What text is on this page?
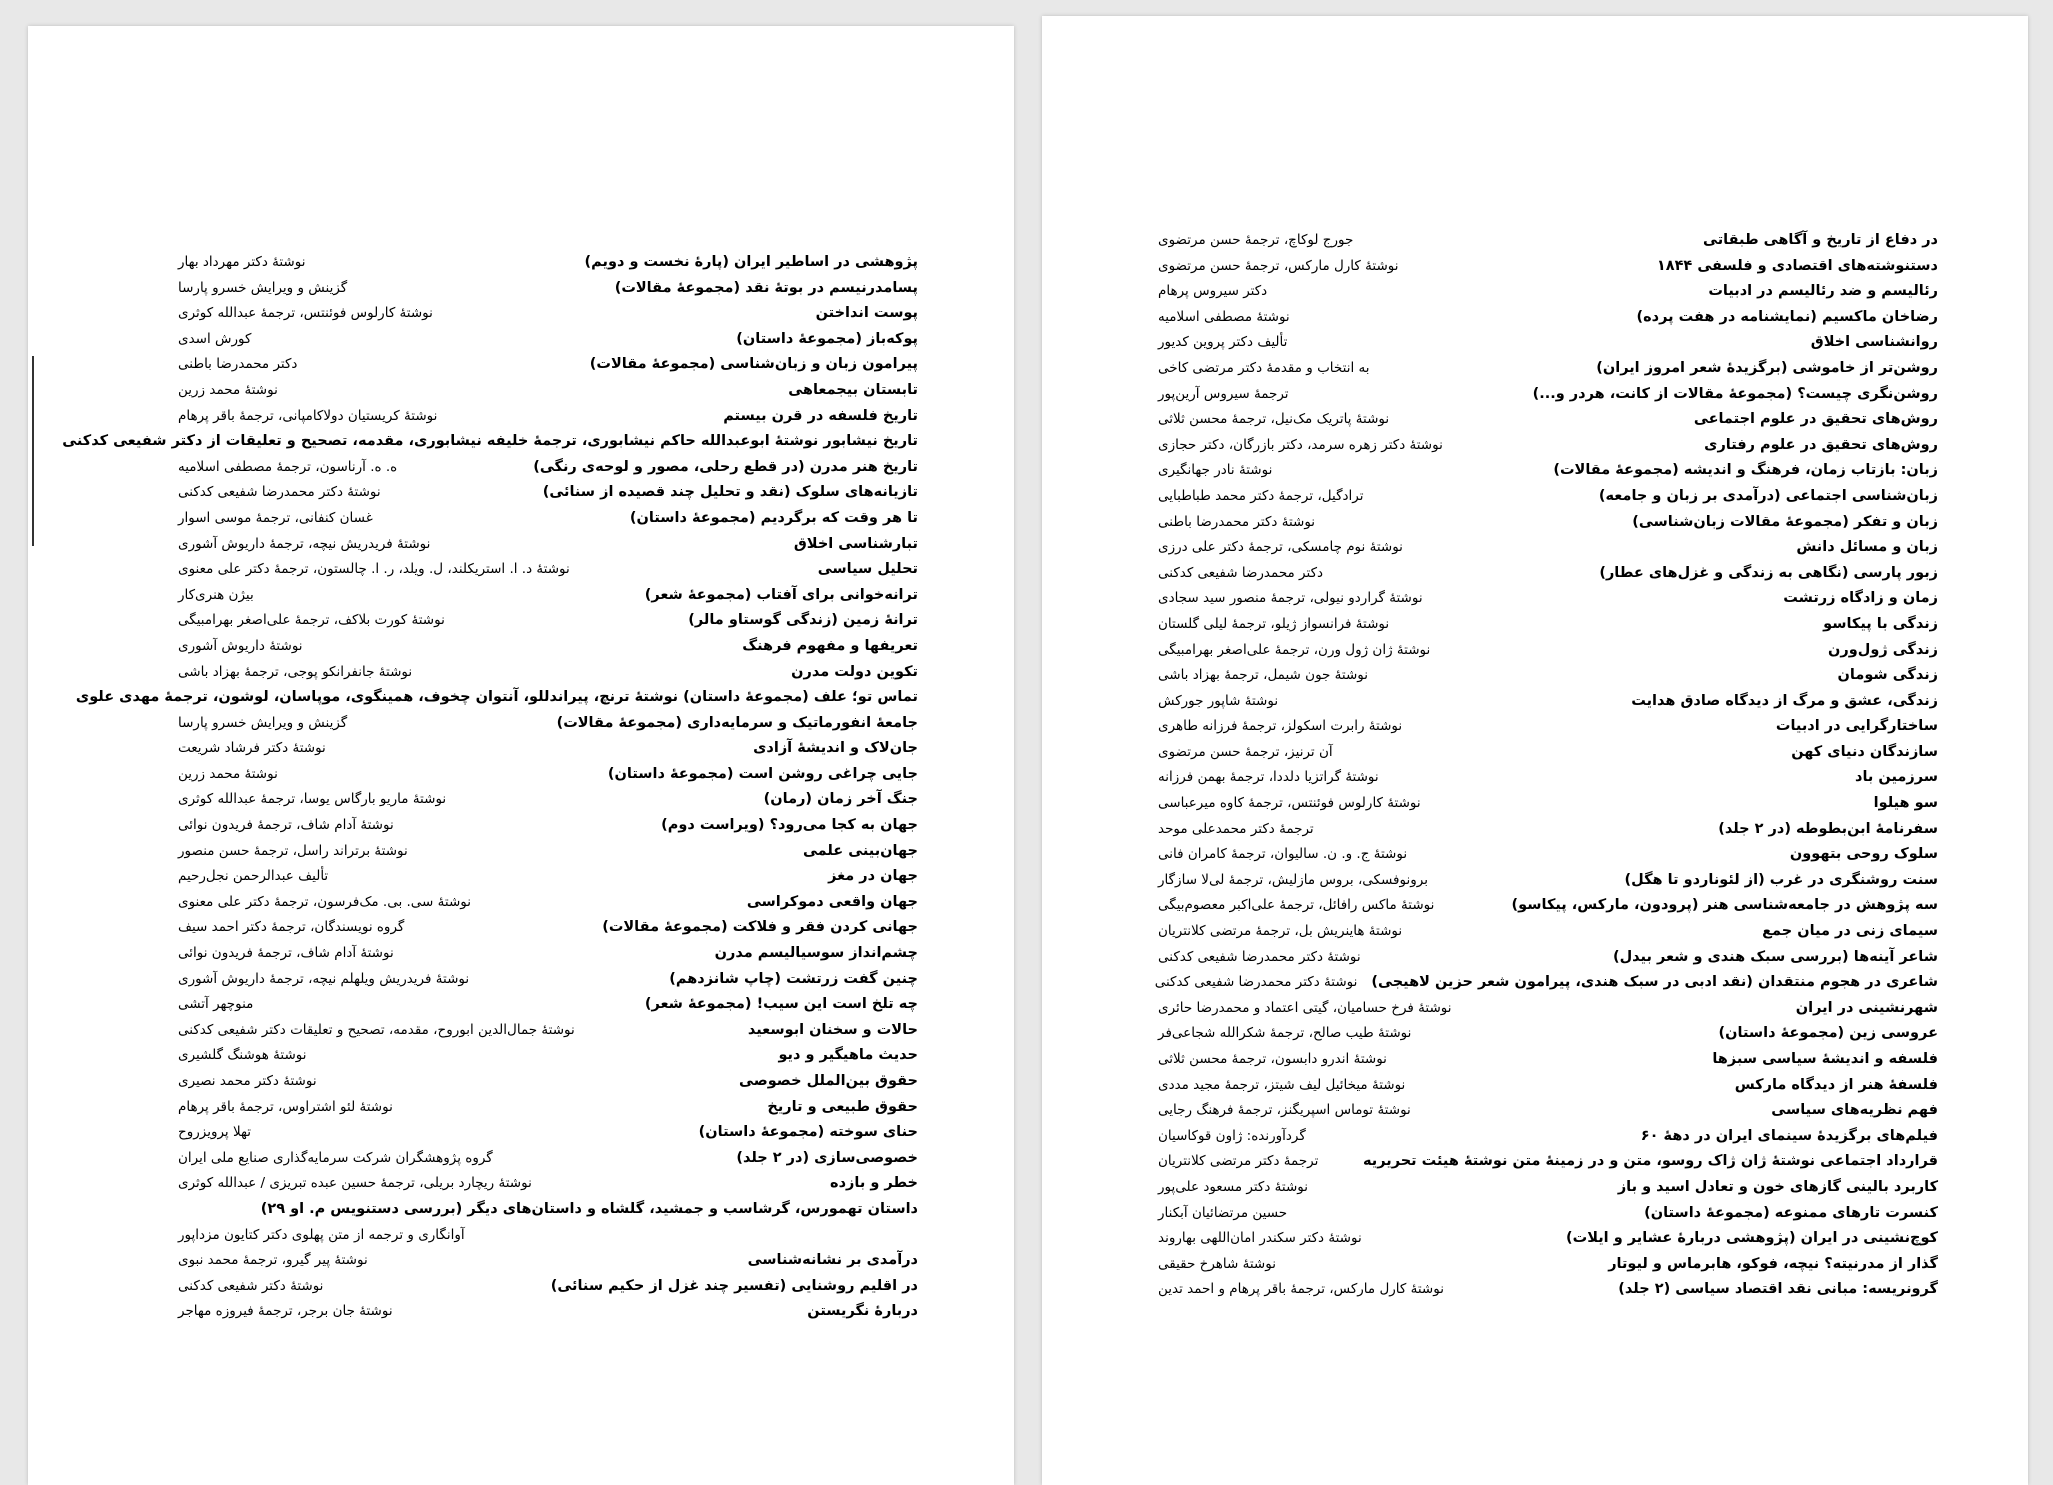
پژوهشی در اساطیر ایران (پارهٔ نخست و دویم)
نوشتهٔ دکتر مهرداد بهار
پسامدرنیسم در بوتهٔ نقد (مجموعهٔ مقالات)
گزینش و ویرایش خسرو پارسا
پوست انداختن
نوشتهٔ کارلوس فوئنتس، ترجمهٔ عبدالله کوثری
پوکه‌باز (مجموعهٔ داستان)
کورش اسدی
پیرامون زبان و زبان‌شناسی (مجموعهٔ مقالات)
دکتر محمدرضا باطنی
تابستان بیجمعاهی
نوشتهٔ محمد زرین
تاریخ فلسفه در قرن بیستم
نوشتهٔ کریستیان دولاکامپانی، ترجمهٔ باقر پرهام
تاریخ نیشابور نوشتهٔ ابوعبدالله حاکم نیشابوری، ترجمهٔ خلیفه نیشابوری، مقدمه، تصحیح و تعلیقات از دکتر شفیعی کدکنی
تاریخ هنر مدرن (در قطع رحلی، مصور و لوحه‌ی رنگی)
ه. ه. آرناسون، ترجمهٔ مصطفی اسلامیه
تازیانه‌های سلوک (نقد و تحلیل چند قصیده از سنائی)
نوشتهٔ دکتر محمدرضا شفیعی کدکنی
تا هر وقت که برگردیم (مجموعهٔ داستان)
غسان کنفانی، ترجمهٔ موسی اسوار
تبارشناسی اخلاق
نوشتهٔ فریدریش نیچه، ترجمهٔ داریوش آشوری
تحلیل سیاسی
نوشتهٔ د. ا. استریکلند، ل. ویلد، ر. ا. چالستون، ترجمهٔ دکتر علی معنوی
ترانه‌خوانی برای آفتاب (مجموعهٔ شعر)
بیژن هنری‌کار
ترانهٔ زمین (زندگی گوستاو مالر)
نوشتهٔ کورت بلاکف، ترجمهٔ علی‌اصغر بهرامبیگی
تعریفها و مفهوم فرهنگ
نوشتهٔ داریوش آشوری
تکوین دولت مدرن
نوشتهٔ جانفرانکو پوجی، ترجمهٔ بهزاد باشی
تماس تو؛ علف (مجموعهٔ داستان) نوشتهٔ ترنچ، پیراندللو، آنتوان چخوف، همینگوی، موپاسان، لوشون، ترجمهٔ مهدی علوی
جامعهٔ انفورماتیک و سرمایه‌داری (مجموعهٔ مقالات)
گزینش و ویرایش خسرو پارسا
جان‌لاک و اندیشهٔ آزادی
نوشتهٔ دکتر فرشاد شریعت
جایی چراغی روشن است (مجموعهٔ داستان)
نوشتهٔ محمد زرین
جنگ آخر زمان (رمان)
نوشتهٔ ماریو بارگاس یوسا، ترجمهٔ عبدالله کوثری
جهان به کجا می‌رود؟ (ویراست دوم)
نوشتهٔ آدام شاف، ترجمهٔ فریدون نوائی
جهان‌بینی علمی
نوشتهٔ برتراند راسل، ترجمهٔ حسن منصور
جهان در مغز
تألیف عبدالرحمن نجل‌رحیم
جهان واقعی دموکراسی
نوشتهٔ سی. بی. مک‌فرسون، ترجمهٔ دکتر علی معنوی
جهانی کردن فقر و فلاکت (مجموعهٔ مقالات)
گروه نویسندگان، ترجمهٔ دکتر احمد سیف
چشم‌انداز سوسیالیسم مدرن
نوشتهٔ آدام شاف، ترجمهٔ فریدون نوائی
چنین گفت زرتشت (چاپ شانزدهم)
نوشتهٔ فریدریش ویلهلم نیچه، ترجمهٔ داریوش آشوری
چه تلخ است این سیب! (مجموعهٔ شعر)
منوچهر آتشی
حالات و سخنان ابوسعید
نوشتهٔ جمال‌الدین ابوروح، مقدمه، تصحیح و تعلیقات دکتر شفیعی کدکنی
حدیث ماهیگیر و دیو
نوشتهٔ هوشنگ گلشیری
حقوق بین‌الملل خصوصی
نوشتهٔ دکتر محمد نصیری
حقوق طبیعی و تاریخ
نوشتهٔ لئو اشتراوس، ترجمهٔ باقر پرهام
حنای سوخته (مجموعهٔ داستان)
تهلا پرویزروح
خصوصی‌سازی (در ۲ جلد)
گروه پژوهشگران شرکت سرمایه‌گذاری صنایع ملی ایران
خطر و بازده
نوشتهٔ ریچارد بریلی، ترجمهٔ حسین عبده تبریزی / عبدالله کوثری
داستان تهمورس، گرشاسب و جمشید، گلشاه و داستان‌های دیگر (بررسی دستنویس م. او ۲۹)
آوانگاری و ترجمه از متن پهلوی دکتر کتایون مزداپور
درآمدی بر نشانه‌شناسی
نوشتهٔ پیر گیرو، ترجمهٔ محمد نبوی
در اقلیم روشنایی (تفسیر چند غزل از حکیم سنائی)
نوشتهٔ دکتر شفیعی کدکنی
دربارهٔ نگریستن
نوشتهٔ جان برجر، ترجمهٔ فیروزه مهاجر
در دفاع از تاریخ و آگاهی طبقاتی
جورج لوکاچ، ترجمهٔ حسن مرتضوی
دستنوشته‌های اقتصادی و فلسفی ۱۸۴۴
نوشتهٔ کارل مارکس، ترجمهٔ حسن مرتضوی
رئالیسم و ضد رئالیسم در ادبیات
دکتر سیروس پرهام
رضاخان ماکسیم (نمایشنامه در هفت پرده)
نوشتهٔ مصطفی اسلامیه
روانشناسی اخلاق
تألیف دکتر پروین کدیور
روشن‌تر از خاموشی (برگزیدهٔ شعر امروز ایران)
به انتخاب و مقدمهٔ دکتر مرتضی کاخی
روشن‌نگری چیست؟ (مجموعهٔ مقالات از کانت، هردر و...)
ترجمهٔ سیروس آرین‌پور
روش‌های تحقیق در علوم اجتماعی
نوشتهٔ پاتریک مک‌نیل، ترجمهٔ محسن ثلاثی
روش‌های تحقیق در علوم رفتاری
نوشتهٔ دکتر زهره سرمد، دکتر بازرگان، دکتر حجازی
زبان: بازتاب زمان، فرهنگ و اندیشه (مجموعهٔ مقالات)
نوشتهٔ نادر جهانگیری
زبان‌شناسی اجتماعی (درآمدی بر زبان و جامعه)
ترادگیل، ترجمهٔ دکتر محمد طباطبایی
زبان و تفکر (مجموعهٔ مقالات زبان‌شناسی)
نوشتهٔ دکتر محمدرضا باطنی
زبان و مسائل دانش
نوشتهٔ نوم چامسکی، ترجمهٔ دکتر علی درزی
زبور پارسی (نگاهی به زندگی و غزل‌های عطار)
دکتر محمدرضا شفیعی کدکنی
زمان و زادگاه زرتشت
نوشتهٔ گراردو نیولی، ترجمهٔ منصور سید سجادی
زندگی با پیکاسو
نوشتهٔ فرانسواز ژیلو، ترجمهٔ لیلی گلستان
زندگی ژول‌ورن
نوشتهٔ ژان ژول ورن، ترجمهٔ علی‌اصغر بهرامبیگی
زندگی شومان
نوشتهٔ جون شیمل، ترجمهٔ بهزاد باشی
زندگی، عشق و مرگ از دیدگاه صادق هدایت
نوشتهٔ شاپور جورکش
ساختارگرایی در ادبیات
نوشتهٔ رابرت اسکولز، ترجمهٔ فرزانه طاهری
سازندگان دنیای کهن
آن ترنیز، ترجمهٔ حسن مرتضوی
سرزمین باد
نوشتهٔ گراتزیا دلددا، ترجمهٔ بهمن فرزانه
سو هیلوا
نوشتهٔ کارلوس فوئنتس، ترجمهٔ کاوه میرعباسی
سفرنامهٔ ابن‌بطوطه (در ۲ جلد)
ترجمهٔ دکتر محمدعلی موحد
سلوک روحی بتهوون
نوشتهٔ ج. و. ن. سالیوان، ترجمهٔ کامران فانی
سنت روشنگری در غرب (از لئوناردو تا هگل)
برونوفسکی، بروس مازلیش، ترجمهٔ لی‌لا سازگار
سه پژوهش در جامعه‌شناسی هنر (پرودون، مارکس، پیکاسو)
نوشتهٔ ماکس رافائل، ترجمهٔ علی‌اکبر معصوم‌بیگی
سیمای زنی در میان جمع
نوشتهٔ هاینریش بل، ترجمهٔ مرتضی کلانتریان
شاعر آینه‌ها (بررسی سبک هندی و شعر بیدل)
نوشتهٔ دکتر محمدرضا شفیعی کدکنی
شاعری در هجوم منتقدان (نقد ادبی در سبک هندی، پیرامون شعر حزین لاهیجی)
نوشتهٔ دکتر محمدرضا شفیعی کدکنی
شهرنشینی در ایران
نوشتهٔ فرخ حسامیان، گیتی اعتماد و محمدرضا حائری
عروسی زین (مجموعهٔ داستان)
نوشتهٔ طیب صالح، ترجمهٔ شکرالله شجاعی‌فر
فلسفه و اندیشهٔ سیاسی سبزها
نوشتهٔ اندرو دابسون، ترجمهٔ محسن ثلاثی
فلسفهٔ هنر از دیدگاه مارکس
نوشتهٔ میخائیل لیف شیتز، ترجمهٔ مجید مددی
فهم نظریه‌های سیاسی
نوشتهٔ توماس اسپریگنز، ترجمهٔ فرهنگ رجایی
فیلم‌های برگزیدهٔ سینمای ایران در دههٔ ۶۰
گردآورنده: ژاون قوکاسیان
قرارداد اجتماعی نوشتهٔ ژان ژاک روسو، متن و در زمینهٔ متن نوشتهٔ هیئت تحریریه
ترجمهٔ دکتر مرتضی کلانتریان
کاربرد بالینی گازهای خون و تعادل اسید و باز
نوشتهٔ دکتر مسعود علی‌پور
کنسرت تارهای ممنوعه (مجموعهٔ داستان)
حسین مرتضائیان آبکنار
کوچ‌نشینی در ایران (پژوهشی دربارهٔ عشایر و ایلات)
نوشتهٔ دکتر سکندر امان‌اللهی بهاروند
گذار از مدرنیته؟ نیچه، فوکو، هابرماس و لیوتار
نوشتهٔ شاهرخ حقیقی
گرونریسه: مبانی نقد اقتصاد سیاسی (۲ جلد)
نوشتهٔ کارل مارکس، ترجمهٔ باقر پرهام و احمد تدین
